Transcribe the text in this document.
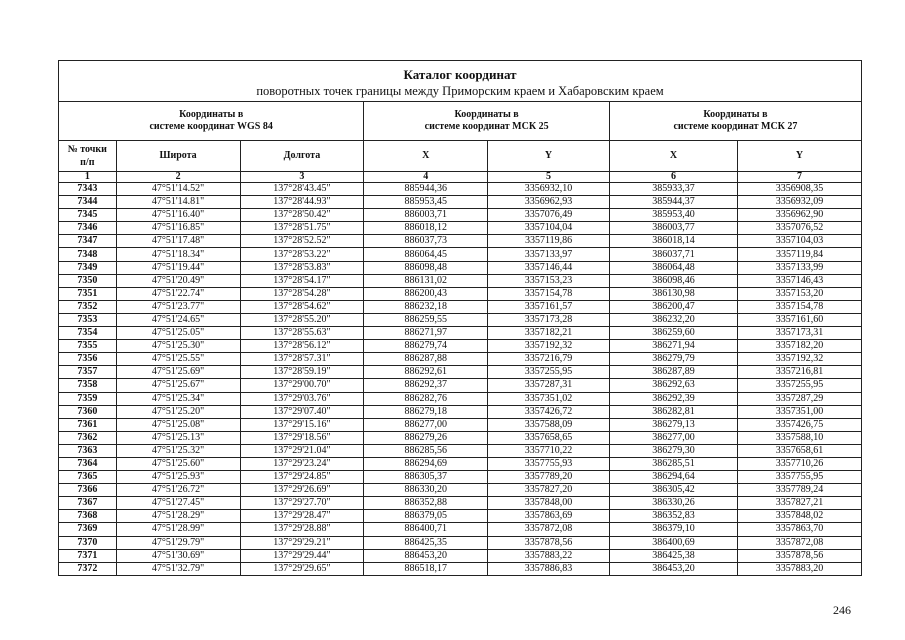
Каталог координат
поворотных точек границы между Приморским краем и Хабаровским краем						

Координаты в
системе координат WGS 84			Координаты в
системе координат МСК 25		Координаты в
системе координат МСК 27	

№ точки п/п	Широта	Долгота	X	Y	X	Y
1	2	3	4	5	6	7
7343	47°51'14.52"	137°28'43.45"	885944,36	3356932,10	385933,37	3356908,35
7344	47°51'14.81"	137°28'44.93"	885953,45	3356962,93	385944,37	3356932,09
7345	47°51'16.40"	137°28'50.42"	886003,71	3357076,49	385953,40	3356962,90
7346	47°51'16.85"	137°28'51.75"	886018,12	3357104,04	386003,77	3357076,52
7347	47°51'17.48"	137°28'52.52"	886037,73	3357119,86	386018,14	3357104,03
7348	47°51'18.34"	137°28'53.22"	886064,45	3357133,97	386037,71	3357119,84
7349	47°51'19.44"	137°28'53.83"	886098,48	3357146,44	386064,48	3357133,99
7350	47°51'20.49"	137°28'54.17"	886131,02	3357153,23	386098,46	3357146,43
7351	47°51'22.74"	137°28'54.28"	886200,43	3357154,78	386130,98	3357153,20
7352	47°51'23.77"	137°28'54.62"	886232,18	3357161,57	386200,47	3357154,78
7353	47°51'24.65"	137°28'55.20"	886259,55	3357173,28	386232,20	3357161,60
7354	47°51'25.05"	137°28'55.63"	886271,97	3357182,21	386259,60	3357173,31
7355	47°51'25.30"	137°28'56.12"	886279,74	3357192,32	386271,94	3357182,20
7356	47°51'25.55"	137°28'57.31"	886287,88	3357216,79	386279,79	3357192,32
7357	47°51'25.69"	137°28'59.19"	886292,61	3357255,95	386287,89	3357216,81
7358	47°51'25.67"	137°29'00.70"	886292,37	3357287,31	386292,63	3357255,95
7359	47°51'25.34"	137°29'03.76"	886282,76	3357351,02	386292,39	3357287,29
7360	47°51'25.20"	137°29'07.40"	886279,18	3357426,72	386282,81	3357351,00
7361	47°51'25.08"	137°29'15.16"	886277,00	3357588,09	386279,13	3357426,75
7362	47°51'25.13"	137°29'18.56"	886279,26	3357658,65	386277,00	3357588,10
7363	47°51'25.32"	137°29'21.04"	886285,56	3357710,22	386279,30	3357658,61
7364	47°51'25.60"	137°29'23.24"	886294,69	3357755,93	386285,51	3357710,26
7365	47°51'25.93"	137°29'24.85"	886305,37	3357789,20	386294,64	3357755,95
7366	47°51'26.72"	137°29'26.69"	886330,20	3357827,20	386305,42	3357789,24
7367	47°51'27.45"	137°29'27.70"	886352,88	3357848,00	386330,26	3357827,21
7368	47°51'28.29"	137°29'28.47"	886379,05	3357863,69	386352,83	3357848,02
7369	47°51'28.99"	137°29'28.88"	886400,71	3357872,08	386379,10	3357863,70
7370	47°51'29.79"	137°29'29.21"	886425,35	3357878,56	386400,69	3357872,08
7371	47°51'30.69"	137°29'29.44"	886453,20	3357883,22	386425,38	3357878,56
7372	47°51'32.79"	137°29'29.65"	886518,17	3357886,83	386453,20	3357883,20
246
